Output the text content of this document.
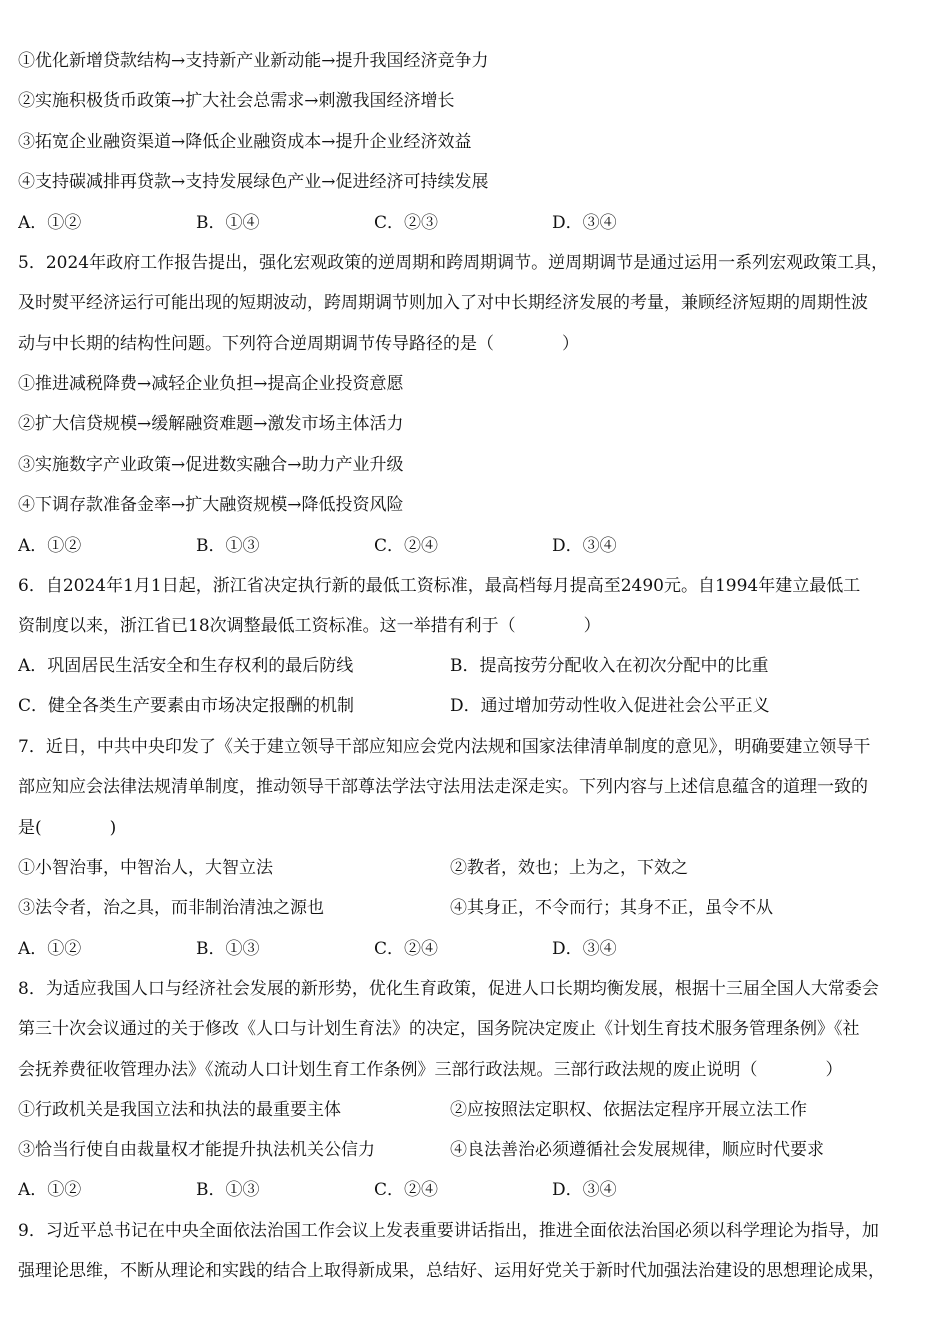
①优化新增贷款结构→支持新产业新动能→提升我国经济竞争力
②实施积极货币政策→扩大社会总需求→刺激我国经济增长
③拓宽企业融资渠道→降低企业融资成本→提升企业经济效益
④支持碳减排再贷款→支持发展绿色产业→促进经济可持续发展
A．①②	B．①④	C．②③	D．③④
5．2024年政府工作报告提出，强化宏观政策的逆周期和跨周期调节。逆周期调节是通过运用一系列宏观政策工具，
及时熨平经济运行可能出现的短期波动，跨周期调节则加入了对中长期经济发展的考量，兼顾经济短期的周期性波
动与中长期的结构性问题。下列符合逆周期调节传导路径的是（　　　　）
①推进减税降费→减轻企业负担→提高企业投资意愿
②扩大信贷规模→缓解融资难题→激发市场主体活力
③实施数字产业政策→促进数实融合→助力产业升级
④下调存款准备金率→扩大融资规模→降低投资风险
A．①②	B．①③	C．②④	D．③④
6．自2024年1月1日起，浙江省决定执行新的最低工资标准，最高档每月提高至2490元。自1994年建立最低工
资制度以来，浙江省已18次调整最低工资标准。这一举措有利于（　　　　）
A．巩固居民生活安全和生存权利的最后防线	B．提高按劳分配收入在初次分配中的比重
C．健全各类生产要素由市场决定报酬的机制	D．通过增加劳动性收入促进社会公平正义
7．近日，中共中央印发了《关于建立领导干部应知应会党内法规和国家法律清单制度的意见》，明确要建立领导干
部应知应会法律法规清单制度，推动领导干部尊法学法守法用法走深走实。下列内容与上述信息蕴含的道理一致的
是(　　　　)
①小智治事，中智治人，大智立法	②教者，效也；上为之，下效之
③法令者，治之具，而非制治清浊之源也	④其身正，不令而行；其身不正，虽令不从
A．①②	B．①③	C．②④	D．③④
8．为适应我国人口与经济社会发展的新形势，优化生育政策，促进人口长期均衡发展，根据十三届全国人大常委会
第三十次会议通过的关于修改《人口与计划生育法》的决定，国务院决定废止《计划生育技术服务管理条例》《社
会抚养费征收管理办法》《流动人口计划生育工作条例》三部行政法规。三部行政法规的废止说明（　　　　）
①行政机关是我国立法和执法的最重要主体	②应按照法定职权、依据法定程序开展立法工作
③恰当行使自由裁量权才能提升执法机关公信力	④良法善治必须遵循社会发展规律，顺应时代要求
A．①②	B．①③	C．②④	D．③④
9．习近平总书记在中央全面依法治国工作会议上发表重要讲话指出，推进全面依法治国必须以科学理论为指导，加
强理论思维，不断从理论和实践的结合上取得新成果，总结好、运用好党关于新时代加强法治建设的思想理论成果，
